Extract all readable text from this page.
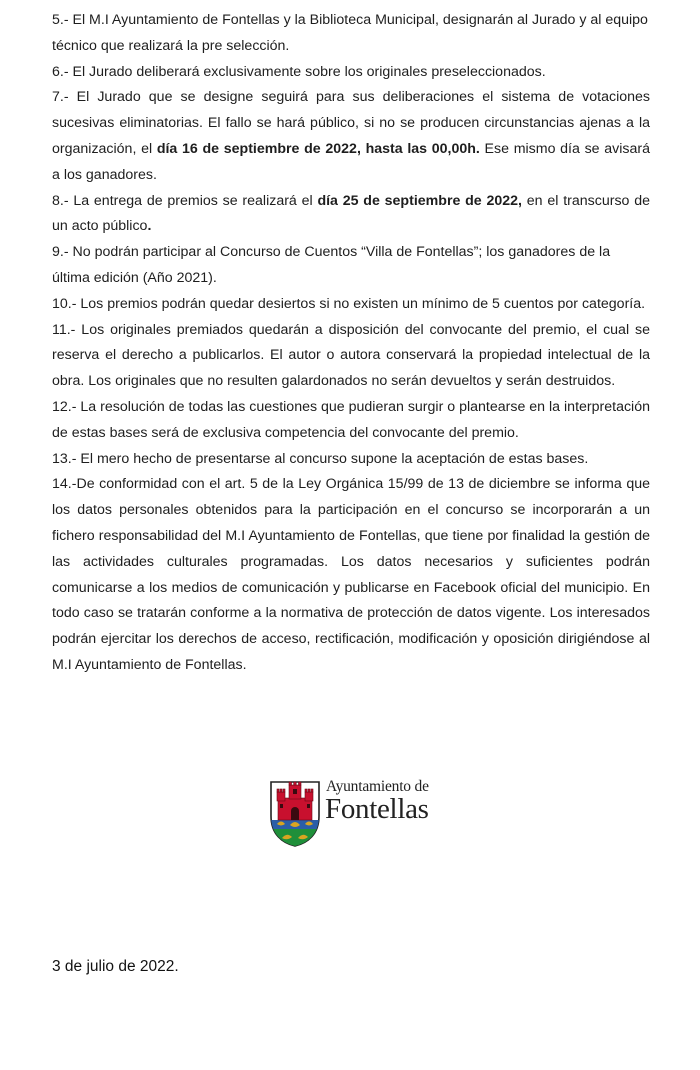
5.- El M.I Ayuntamiento de Fontellas y la Biblioteca Municipal, designarán al Jurado y al equipo técnico que realizará la pre selección.

6.- El Jurado deliberará exclusivamente sobre los originales preseleccionados.

7.- El Jurado que se designe seguirá para sus deliberaciones el sistema de votaciones sucesivas eliminatorias. El fallo se hará público, si no se producen circunstancias ajenas a la organización, el día 16 de septiembre de 2022, hasta las 00,00h. Ese mismo día se avisará a los ganadores.

8.- La entrega de premios se realizará el día 25 de septiembre de 2022, en el transcurso de un acto público.

9.- No podrán participar al Concurso de Cuentos “Villa de Fontellas”; los ganadores de la última edición (Año 2021).

10.- Los premios podrán quedar desiertos si no existen un mínimo de 5 cuentos por categoría.

11.- Los originales premiados quedarán a disposición del convocante del premio, el cual se reserva el derecho a publicarlos. El autor o autora conservará la propiedad intelectual de la obra. Los originales que no resulten galardonados no serán devueltos y serán destruidos.

12.- La resolución de todas las cuestiones que pudieran surgir o plantearse en la interpretación de estas bases será de exclusiva competencia del convocante del premio.

13.- El mero hecho de presentarse al concurso supone la aceptación de estas bases.

14.-De conformidad con el art. 5 de la Ley Orgánica 15/99 de 13 de diciembre se informa que los datos personales obtenidos para la participación en el concurso se incorporarán a un fichero responsabilidad del M.I Ayuntamiento de Fontellas, que tiene por finalidad la gestión de las actividades culturales programadas. Los datos necesarios y suficientes podrán comunicarse a los medios de comunicación y publicarse en Facebook oficial del municipio. En todo caso se tratarán conforme a la normativa de protección de datos vigente. Los interesados podrán ejercitar los derechos de acceso, rectificación, modificación y oposición dirigiéndose al M.I Ayuntamiento de Fontellas.

Ayuntamiento de
Fontellas
3 de julio de 2022.
